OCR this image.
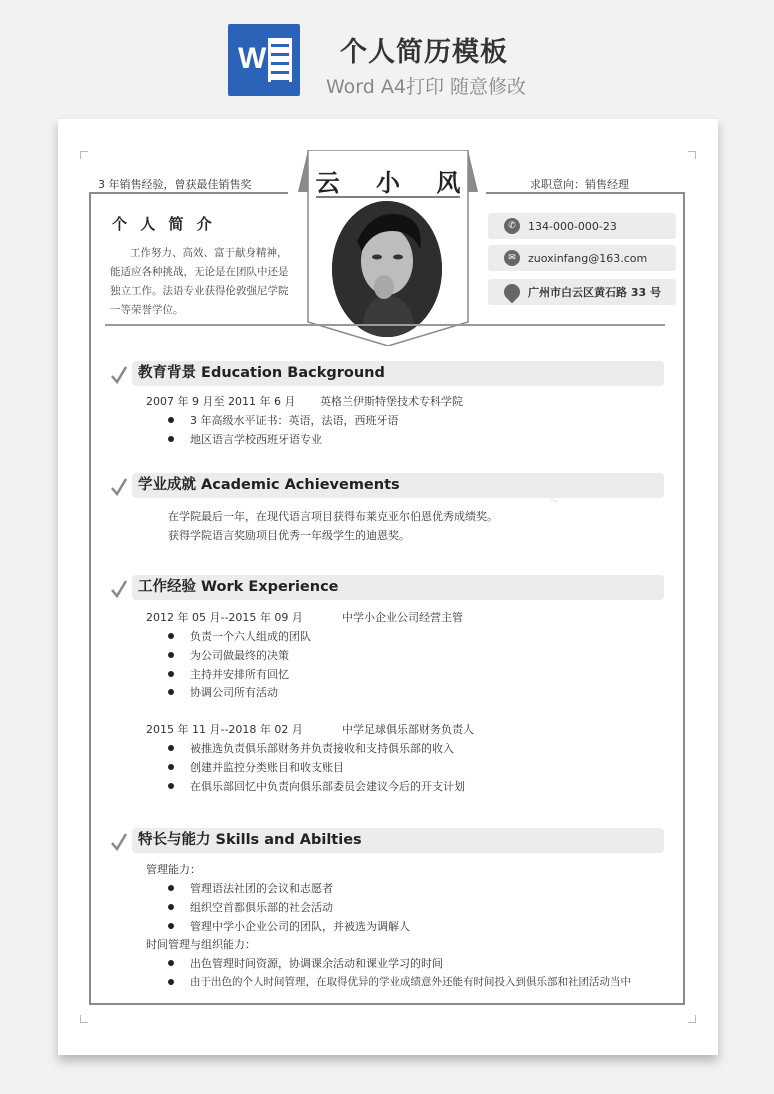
W	个人简历模板
Word A4打印 随意修改
3 年销售经验，曾获最佳销售奖	求职意向：销售经理
云 小 风
个 人 简 介
工作努力、高效、富于献身精神，能适应各种挑战，无论是在团队中还是独立工作。法语专业获得伦敦强尼学院一等荣誉学位。
✆	134-000-000-23
✉	zuoxinfang@163.com
广州市白云区黄石路 33 号
教育背景 Education Background
2007 年 9 月至 2011 年 6 月 英格兰伊斯特堡技术专科学院
3 年高级水平证书：英语，法语，西班牙语
地区语言学校西班牙语专业
学业成就 Academic Achievements
在学院最后一年，在现代语言项目获得布莱克亚尔伯恩优秀成绩奖。
获得学院语言奖励项目优秀一年级学生的迪恩奖。
工作经验 Work Experience
2012 年 05 月--2015 年 09 月	中学小企业公司经营主管
负责一个六人组成的团队
为公司做最终的决策
主持并安排所有回忆
协调公司所有活动
2015 年 11 月--2018 年 02 月	中学足球俱乐部财务负责人
被推选负责俱乐部财务并负责接收和支持俱乐部的收入
创建并监控分类账目和收支账目
在俱乐部回忆中负责向俱乐部委员会建议今后的开支计划
特长与能力 Skills and Abilties
管理能力：
管理语法社团的会议和志愿者
组织空首都俱乐部的社会活动
管理中学小企业公司的团队，并被选为调解人
时间管理与组织能力：
出色管理时间资源，协调课余活动和课业学习的时间
由于出色的个人时间管理，在取得优异的学业成绩意外还能有时间投入到俱乐部和社团活动当中
